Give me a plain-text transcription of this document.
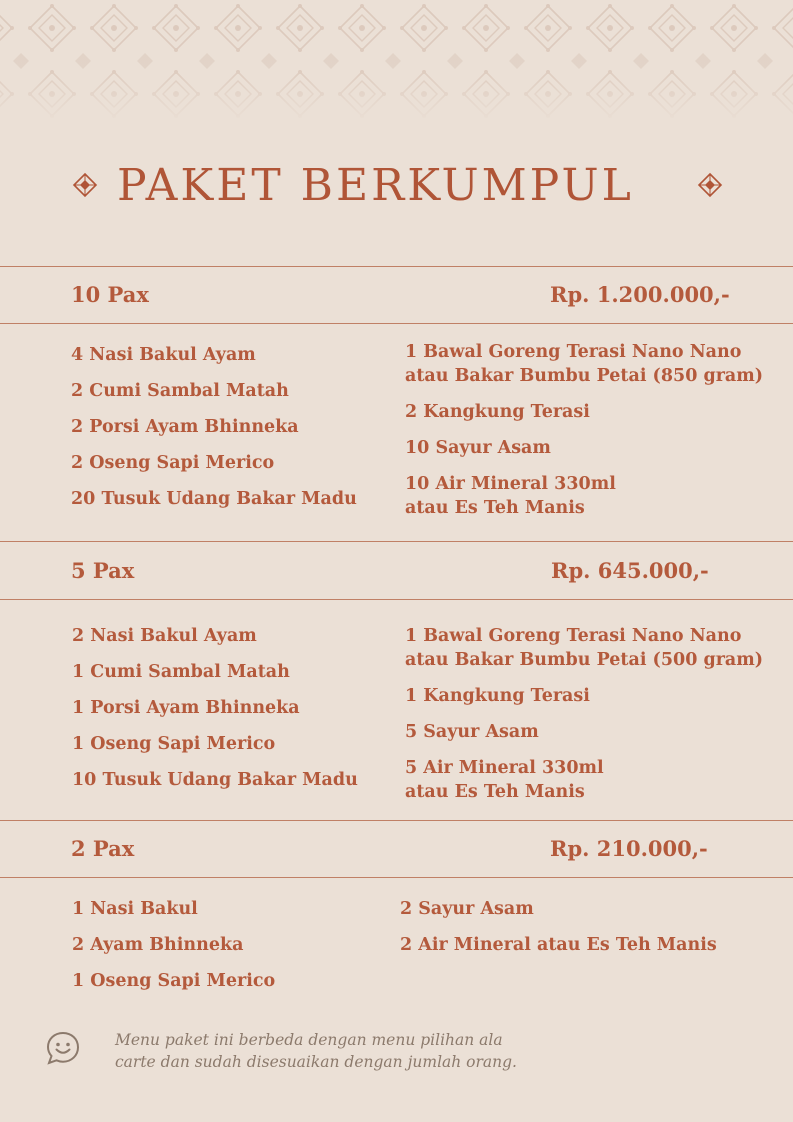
PAKET BERKUMPUL
10 Pax	Rp. 1.200.000,-
4 Nasi Bakul Ayam
2 Cumi Sambal Matah
2 Porsi Ayam Bhinneka
2 Oseng Sapi Merico
20 Tusuk Udang Bakar Madu
1 Bawal Goreng Terasi Nano Nano
atau Bakar Bumbu Petai (850 gram)
2 Kangkung Terasi
10 Sayur Asam
10 Air Mineral 330ml
atau Es Teh Manis
5 Pax	Rp. 645.000,-
2 Nasi Bakul Ayam
1 Cumi Sambal Matah
1 Porsi Ayam Bhinneka
1 Oseng Sapi Merico
10 Tusuk Udang Bakar Madu
1 Bawal Goreng Terasi Nano Nano
atau Bakar Bumbu Petai (500 gram)
1 Kangkung Terasi
5 Sayur Asam
5 Air Mineral 330ml
atau Es Teh Manis
2 Pax	Rp. 210.000,-
1 Nasi Bakul
2 Ayam Bhinneka
1 Oseng Sapi Merico
2 Sayur Asam
2 Air Mineral atau Es Teh Manis
Menu paket ini berbeda dengan menu pilihan ala
carte dan sudah disesuaikan dengan jumlah orang.
